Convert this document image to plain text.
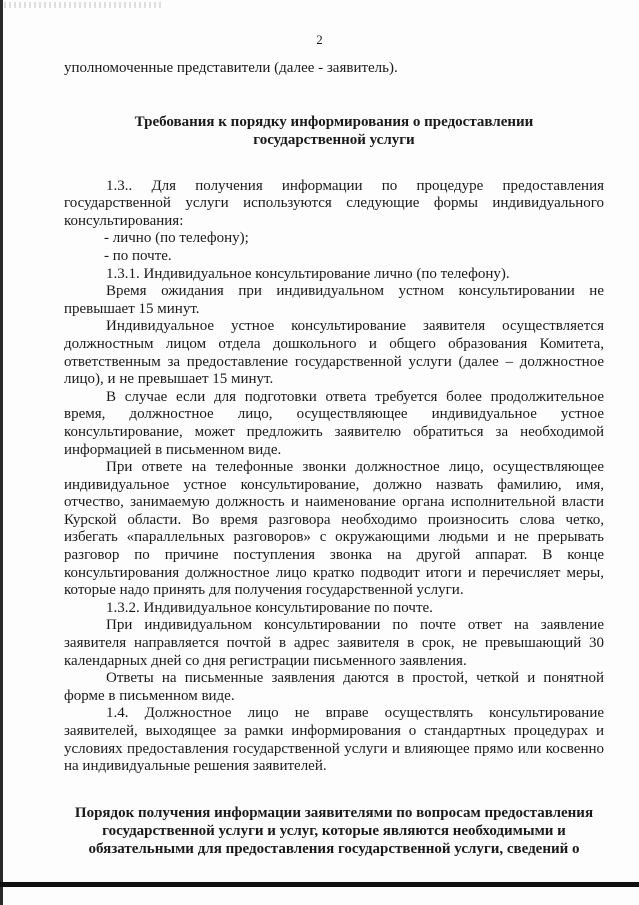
2

уполномоченные представители (далее - заявитель).

Требования к порядку информирования о предоставлении государственной услуги

1.3.. Для получения информации по процедуре предоставления государственной услуги используются следующие формы индивидуального консультирования:

- лично (по телефону);

- по почте.

1.3.1. Индивидуальное консультирование лично (по телефону).

Время ожидания при индивидуальном устном консультировании не превышает 15 минут.

Индивидуальное устное консультирование заявителя осуществляется должностным лицом отдела дошкольного и общего образования Комитета, ответственным за предоставление государственной услуги (далее – должностное лицо), и не превышает 15 минут.

В случае если для подготовки ответа требуется более продолжительное время, должностное лицо, осуществляющее индивидуальное устное консультирование, может предложить заявителю обратиться за необходимой информацией в письменном виде.

При ответе на телефонные звонки должностное лицо, осуществляющее индивидуальное устное консультирование, должно назвать фамилию, имя, отчество, занимаемую должность и наименование органа исполнительной власти Курской области. Во время разговора необходимо произносить слова четко, избегать «параллельных разговоров» с окружающими людьми и не прерывать разговор по причине поступления звонка на другой аппарат. В конце консультирования должностное лицо кратко подводит итоги и перечисляет меры, которые надо принять для получения государственной услуги.

1.3.2. Индивидуальное консультирование по почте.

При индивидуальном консультировании по почте ответ на заявление заявителя направляется почтой в адрес заявителя в срок, не превышающий 30 календарных дней со дня регистрации письменного заявления.

Ответы на письменные заявления даются в простой, четкой и понятной форме в письменном виде.

1.4. Должностное лицо не вправе осуществлять консультирование заявителей, выходящее за рамки информирования о стандартных процедурах и условиях предоставления государственной услуги и влияющее прямо или косвенно на индивидуальные решения заявителей.

Порядок получения информации заявителями по вопросам предоставления государственной услуги и услуг, которые являются необходимыми и обязательными для предоставления государственной услуги, сведений о
